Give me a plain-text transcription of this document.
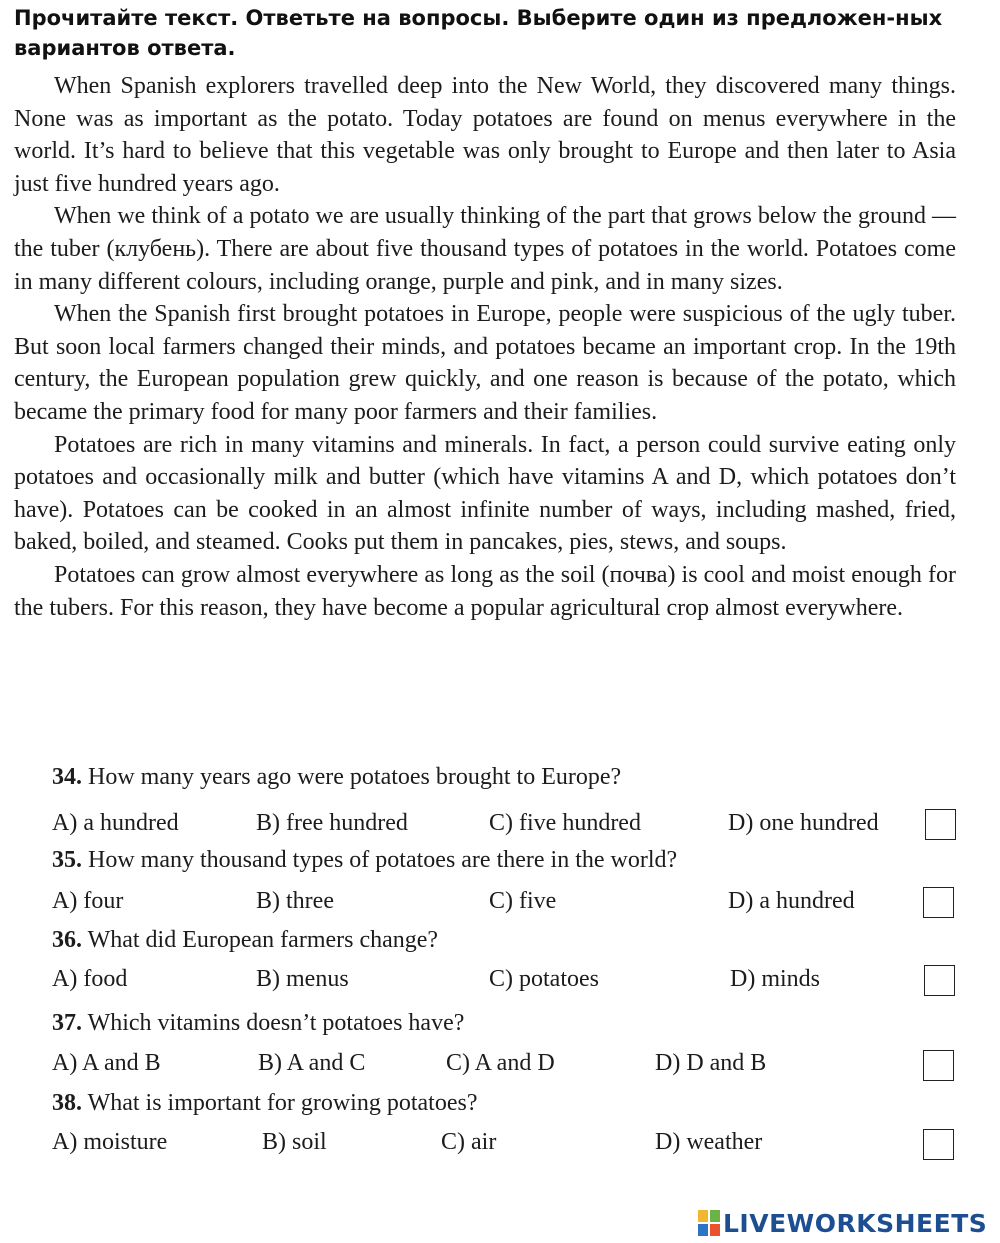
Прочитайте текст. Ответьте на вопросы. Выберите один из предложен-ных вариантов ответа.

When Spanish explorers travelled deep into the New World, they discovered many things. None was as important as the potato. Today potatoes are found on menus everywhere in the world. It’s hard to believe that this vegetable was only brought to Europe and then later to Asia just five hundred years ago.

When we think of a potato we are usually thinking of the part that grows below the ground — the tuber (клубень). There are about five thousand types of potatoes in the world. Potatoes come in many different colours, including orange, purple and pink, and in many sizes.

When the Spanish first brought potatoes in Europe, people were suspicious of the ugly tuber. But soon local farmers changed their minds, and potatoes became an important crop. In the 19th century, the European population grew quickly, and one reason is because of the potato, which became the primary food for many poor farmers and their families.

Potatoes are rich in many vitamins and minerals. In fact, a person could survive eating only potatoes and occasionally milk and butter (which have vitamins A and D, which potatoes don’t have). Potatoes can be cooked in an almost infinite number of ways, including mashed, fried, baked, boiled, and steamed. Cooks put them in pancakes, pies, stews, and soups.

Potatoes can grow almost everywhere as long as the soil (почва) is cool and moist enough for the tubers. For this reason, they have become a popular agricultural crop almost everywhere.

34. How many years ago were potatoes brought to Europe?
A) a hundred	B) free hundred	C) five hundred	D) one hundred
35. How many thousand types of potatoes are there in the world?
A) four	B) three	C) five	D) a hundred
36. What did European farmers change?
A) food	B) menus	C) potatoes	D) minds
37. Which vitamins doesn’t potatoes have?
A) A and B	B) A and C	C) A and D	D) D and B
38. What is important for growing potatoes?
A) moisture	B) soil	C) air	D) weather
LIVEWORKSHEETS
